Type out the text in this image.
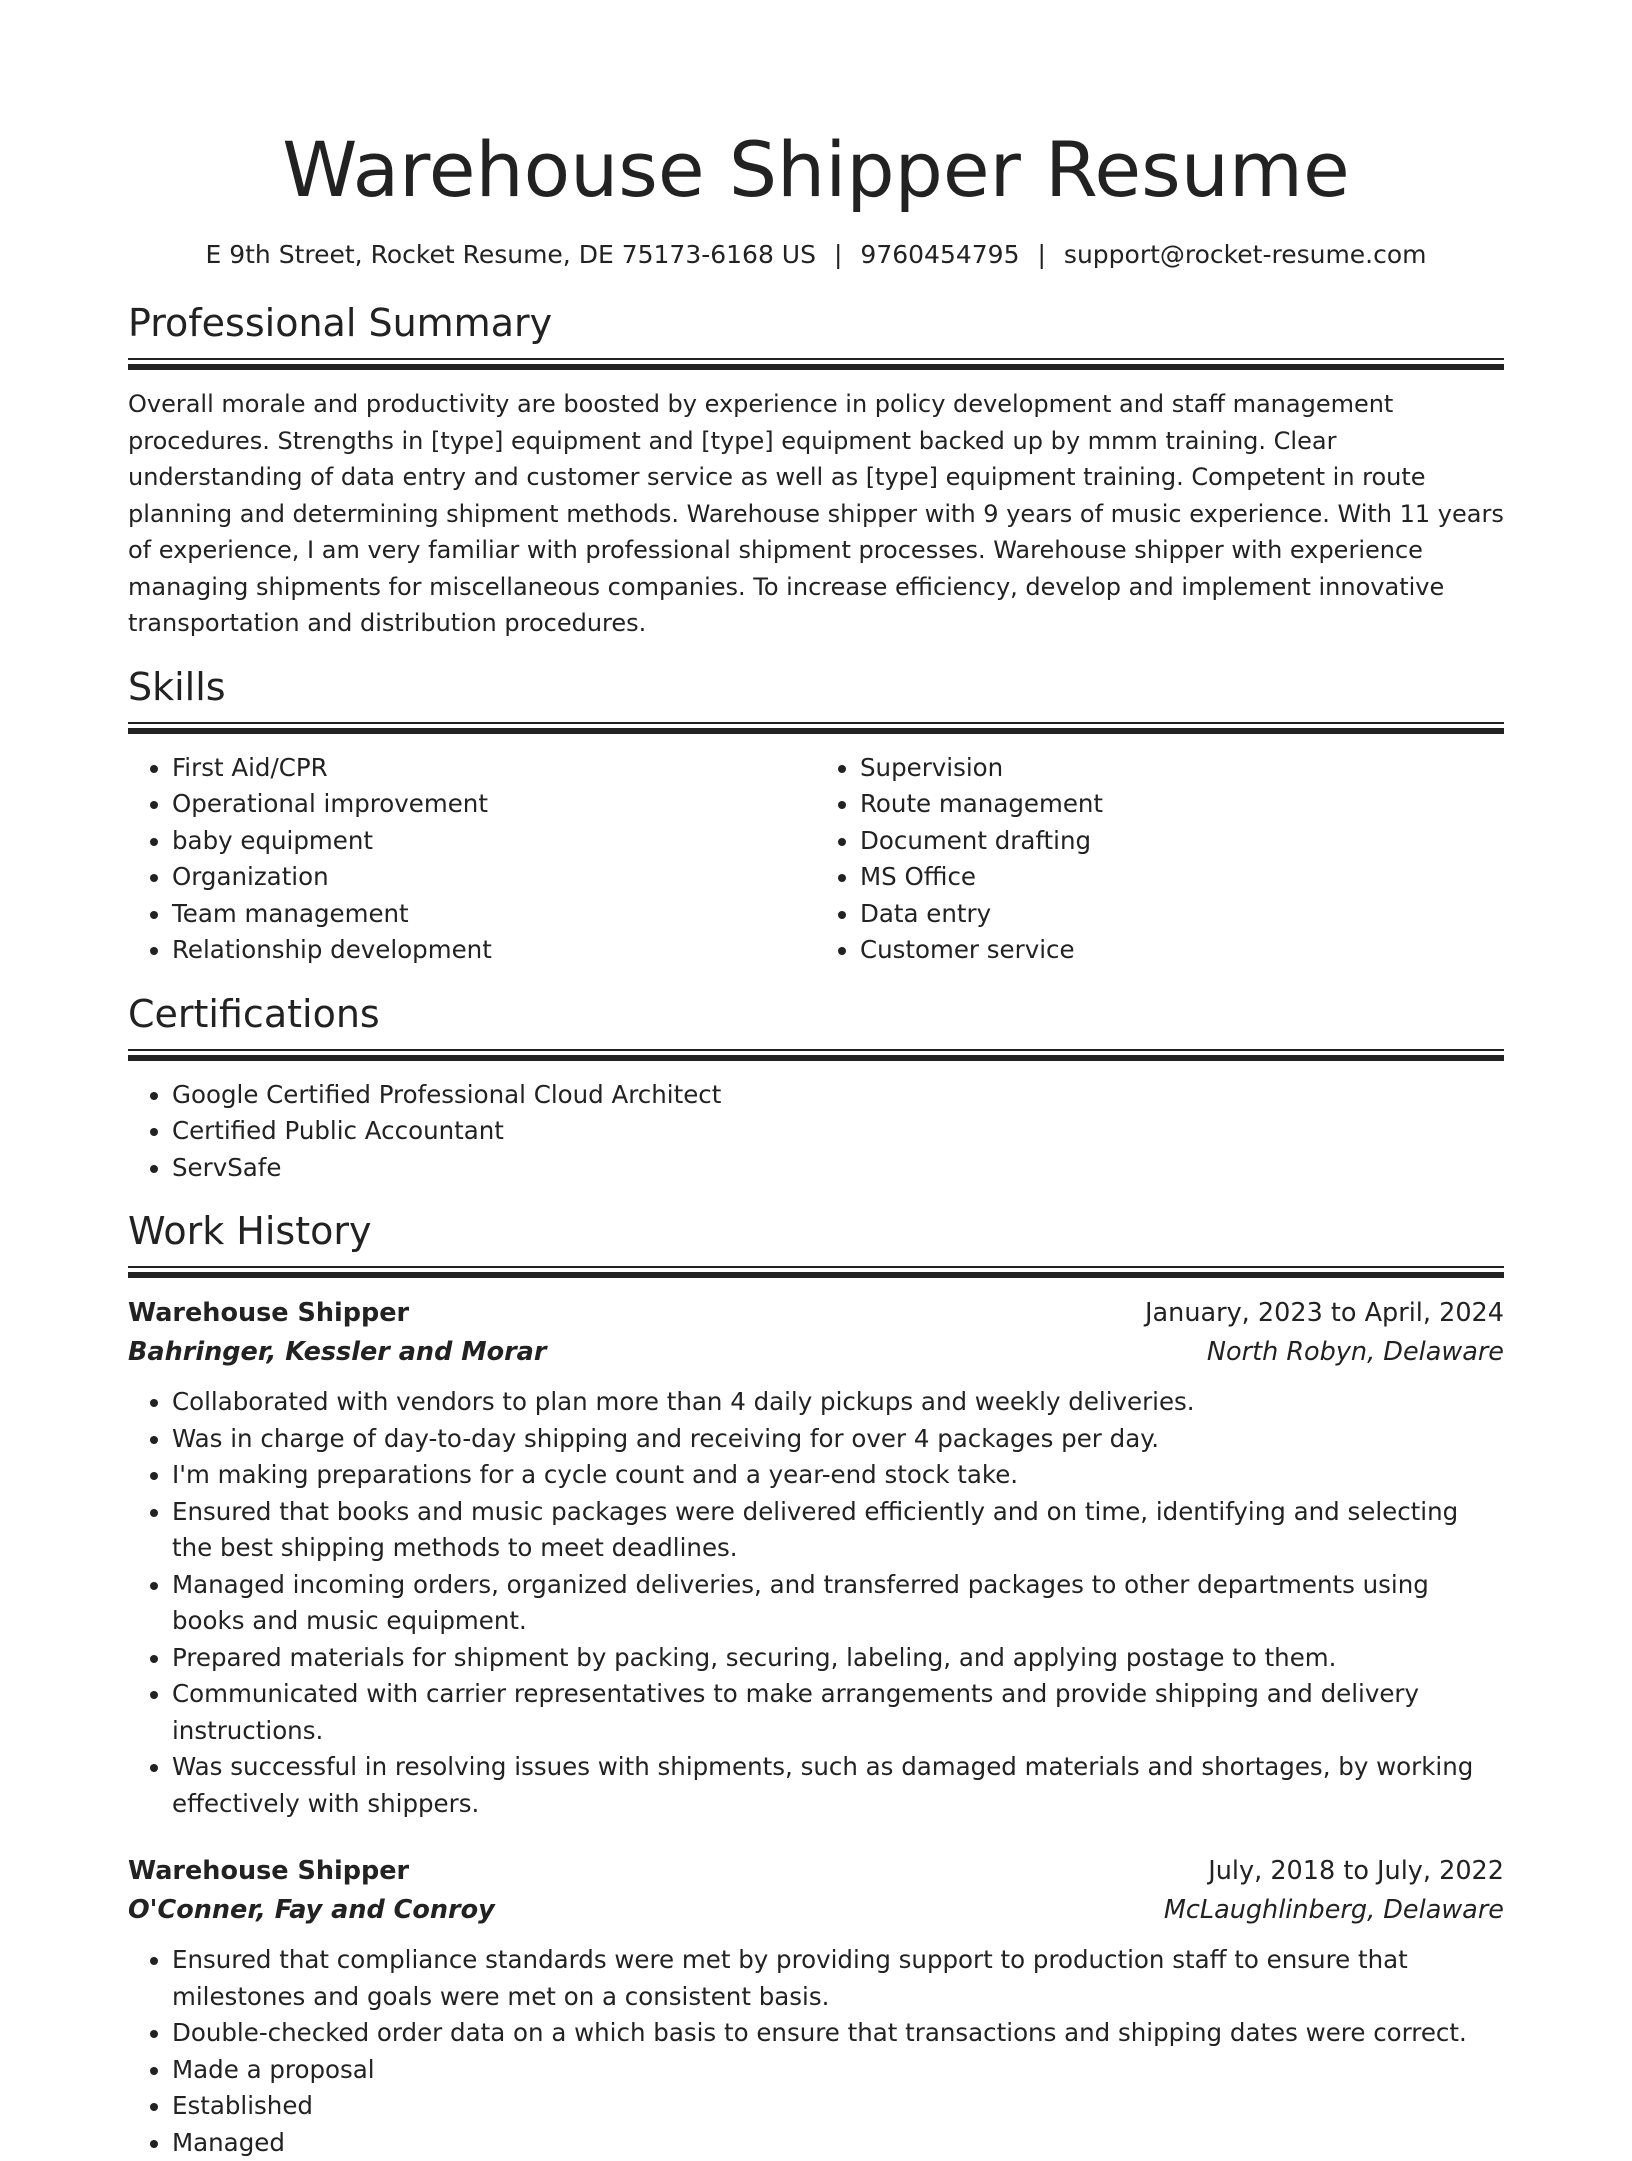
Warehouse Shipper Resume
E 9th Street, Rocket Resume, DE 75173-6168 US | 9760454795 | support@rocket-resume.com
Professional Summary
Overall morale and productivity are boosted by experience in policy development and staff management procedures. Strengths in [type] equipment and [type] equipment backed up by mmm training. Clear understanding of data entry and customer service as well as [type] equipment training. Competent in route planning and determining shipment methods. Warehouse shipper with 9 years of music experience. With 11 years of experience, I am very familiar with professional shipment processes. Warehouse shipper with experience managing shipments for miscellaneous companies. To increase efficiency, develop and implement innovative transportation and distribution procedures.
Skills
• First Aid/CPR
• Operational improvement
• baby equipment
• Organization
• Team management
• Relationship development
• Supervision
• Route management
• Document drafting
• MS Office
• Data entry
• Customer service
Certifications
• Google Certified Professional Cloud Architect
• Certified Public Accountant
• ServSafe
Work History
Warehouse Shipper	January, 2023 to April, 2024
Bahringer, Kessler and Morar	North Robyn, Delaware
• Collaborated with vendors to plan more than 4 daily pickups and weekly deliveries.
• Was in charge of day-to-day shipping and receiving for over 4 packages per day.
• I'm making preparations for a cycle count and a year-end stock take.
• Ensured that books and music packages were delivered efficiently and on time, identifying and selecting the best shipping methods to meet deadlines.
• Managed incoming orders, organized deliveries, and transferred packages to other departments using books and music equipment.
• Prepared materials for shipment by packing, securing, labeling, and applying postage to them.
• Communicated with carrier representatives to make arrangements and provide shipping and delivery instructions.
• Was successful in resolving issues with shipments, such as damaged materials and shortages, by working effectively with shippers.
Warehouse Shipper	July, 2018 to July, 2022
O'Conner, Fay and Conroy	McLaughlinberg, Delaware
• Ensured that compliance standards were met by providing support to production staff to ensure that milestones and goals were met on a consistent basis.
• Double-checked order data on a which basis to ensure that transactions and shipping dates were correct.
• Made a proposal
• Established
• Managed
